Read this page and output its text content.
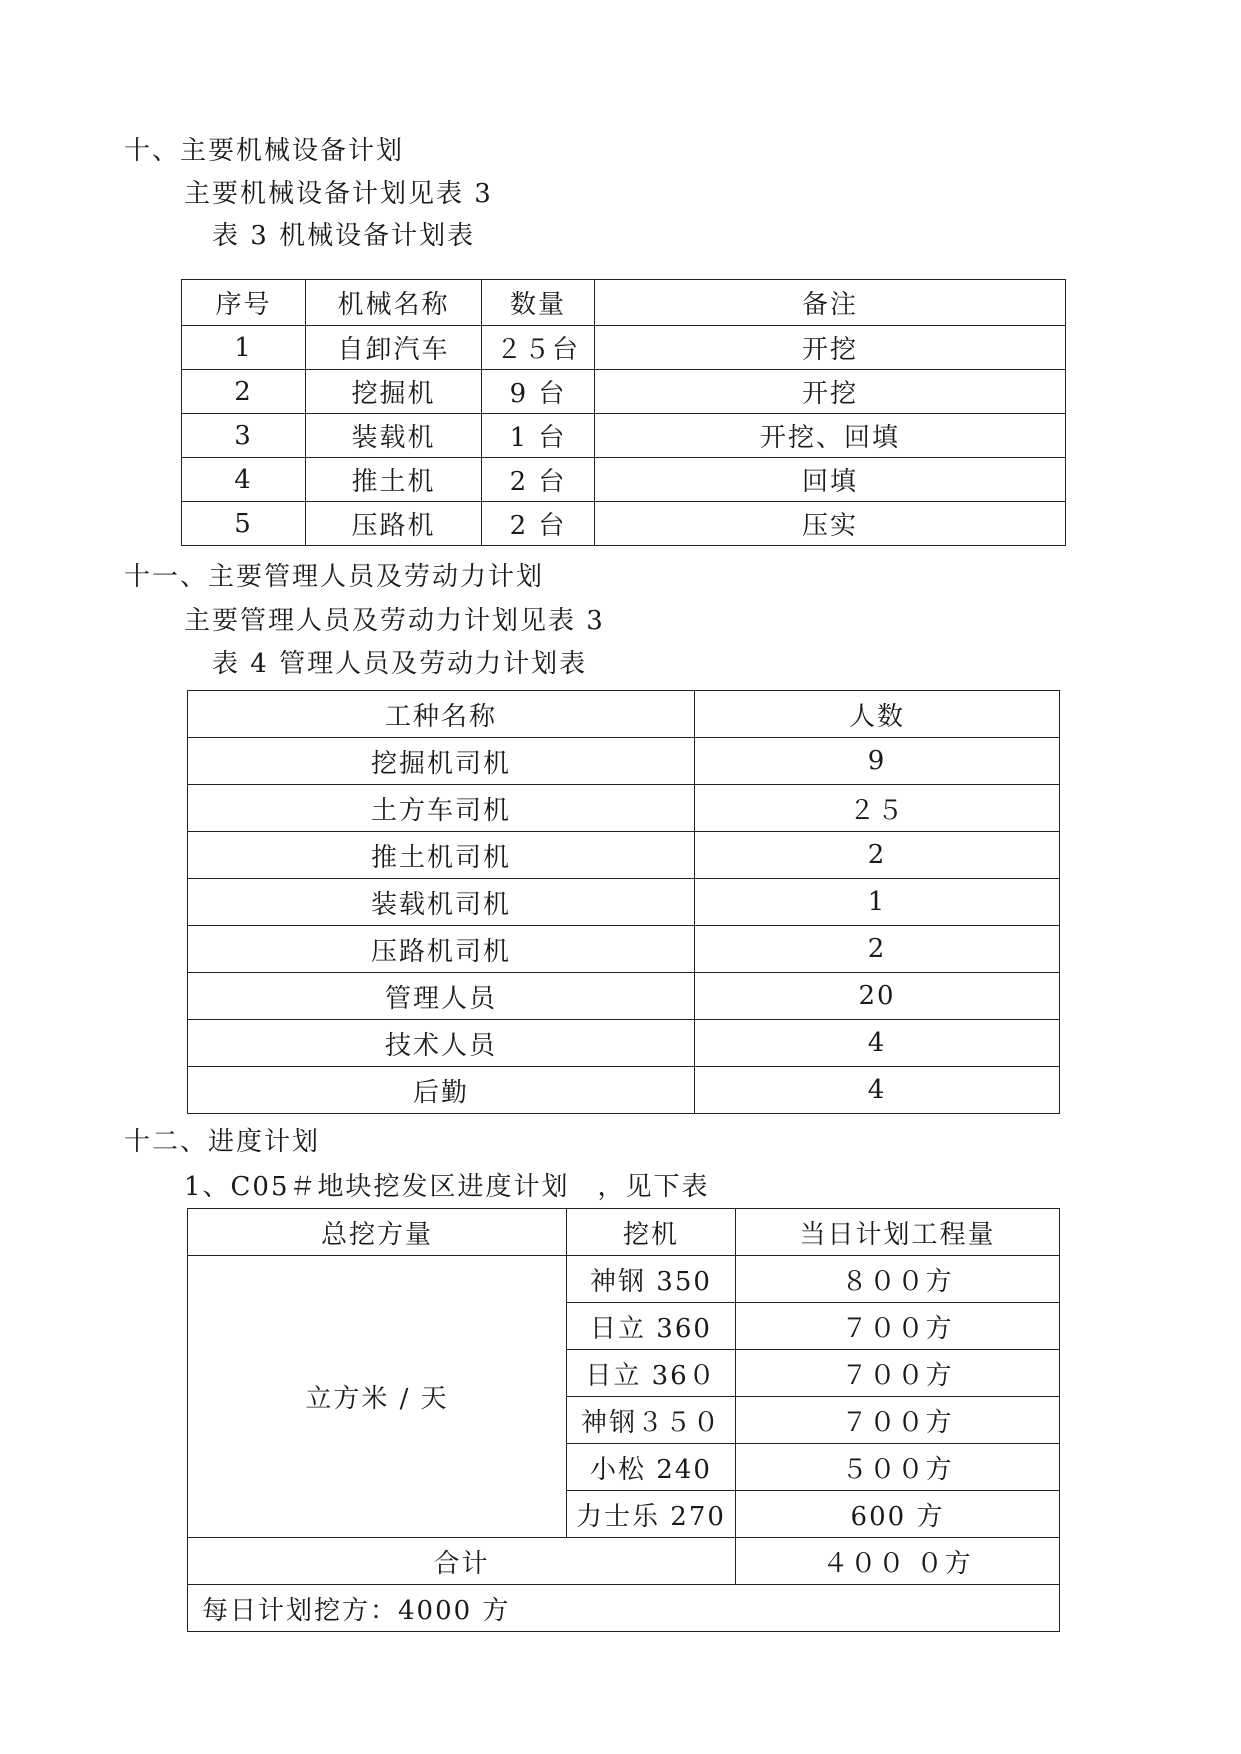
十、主要机械设备计划
主要机械设备计划见表 3
表 3 机械设备计划表
序号	机械名称	数量	备注
1	自卸汽车	２５台	开挖
2	挖掘机	9 台	开挖
3	装载机	1 台	开挖、回填
4	推土机	2 台	回填
5	压路机	2 台	压实
十一、主要管理人员及劳动力计划
主要管理人员及劳动力计划见表 3
表 4 管理人员及劳动力计划表
工种名称	人数
挖掘机司机	9
土方车司机	２５
推土机司机	2
装载机司机	1
压路机司机	2
管理人员	20
技术人员	4
后勤	4
十二、进度计划
1、C05＃地块挖发区进度计划　，见下表
总挖方量	挖机	当日计划工程量
立方米 / 天	神钢 350	８００方
	日立 360	７００方
	日立 36０	７００方
	神钢３５０	７００方
	小松 240	５００方
	力士乐 270	600 方
合计		４００ ０方
每日计划挖方：4000 方		
